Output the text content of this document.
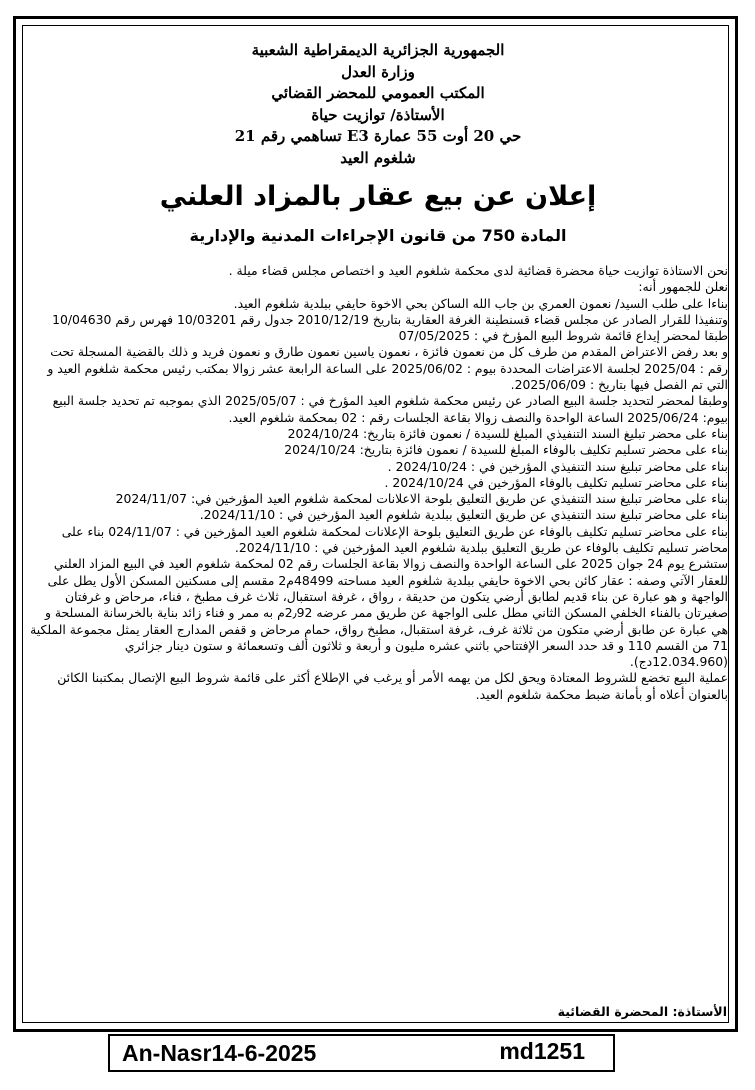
الجمهورية الجزائرية الديمقراطية الشعبية
وزارة العدل
المكتب العمومي للمحضر القضائي
الأستاذة/ توازيت حياة
حي 20 أوت 55 عمارة E3 تساهمي رقم 21
شلغوم العيد
إعلان عن بيع عقار بالمزاد العلني
المادة 750 من قانون الإجراءات المدنية والإدارية

نحن الاستاذة توازيت حياة محضرة قضائية لدى محكمة شلغوم العيد و اختصاص مجلس قضاء ميلة .

نعلن للجمهور أنه:

بناءا على طلب السيد/ نعمون العمري بن جاب الله الساكن بحي الاخوة حايفي ببلدية شلغوم العيد.

وتنفيذا للقرار الصادر عن مجلس قضاء قسنطينة الغرفة العقارية بتاريخ 2010/12/19 جدول رقم 10/03201 فهرس رقم 10/04630

طبقا لمحضر إيداع قائمة شروط البيع المؤرخ في : 07/05/2025

و بعد رفض الاعتراض المقدم من طرف كل من نعمون فائزة ، نعمون ياسين نعمون طارق و نعمون فريد و ذلك بالقضية المسجلة تحت رقم : 2025/04 لجلسة الاعتراضات المحددة بيوم : 2025/06/02 على الساعة الرابعة عشر زوالا بمكتب رئيس محكمة شلغوم العيد و التي تم الفصل فيها بتاريخ : 2025/06/09.

وطبقا لمحضر لتحديد جلسة البيع الصادر عن رئيس محكمة شلغوم العيد المؤرخ في : 2025/05/07 الذي بموجبه تم تحديد جلسة البيع بيوم: 2025/06/24 الساعة الواحدة والنصف زوالا بقاعة الجلسات رقم : 02 بمحكمة شلغوم العيد.

بناء على محضر تبليغ السند التنفيذي المبلغ للسيدة / نعمون فائزة بتاريخ: 2024/10/24

بناء على محضر تسليم تكليف بالوفاء المبلغ للسيدة / نعمون فائزة بتاريخ: 2024/10/24

بناء على محاضر تبليغ سند التنفيذي المؤرخين في : 2024/10/24 .

بناء على محاضر تسليم تكليف بالوفاء المؤرخين في 2024/10/24 .

بناء على محاضر تبليغ سند التنفيذي عن طريق التعليق بلوحة الاعلانات لمحكمة شلغوم العيد المؤرخين في: 2024/11/07

بناء على محاضر تبليغ سند التنفيذي عن طريق التعليق ببلدية شلغوم العيد المؤرخين في : 2024/11/10.

بناء على محاضر تسليم تكليف بالوفاء عن طريق التعليق بلوحة الإعلانات لمحكمة شلغوم العيد المؤرخين في : 024/11/07 بناء على محاضر تسليم تكليف بالوفاء عن طريق التعليق ببلدية شلغوم العيد المؤرخين في : 2024/11/10.

ستشرع يوم 24 جوان 2025 على الساعة الواحدة والنصف زوالا بقاعة الجلسات رقم 02 لمحكمة شلغوم العيد في البيع المزاد العلني للعقار الآتي وصفه : عقار كائن بحي الاخوة حايفي ببلدية شلغوم العيد مساحته 48499م2 مقسم إلى مسكنين المسكن الأول يطل على الواجهة و هو عبارة عن بناء قديم لطابق أرضي يتكون من حديقة ، رواق ، غرفة استقبال، ثلاث غرف مطبخ ، فناء، مرحاض و غرفتان صغيرتان بالفناء الخلفي المسكن الثاني مطل علىى الواجهة عن طريق ممر عرضه 2٫92م به ممر و فناء زائد بناية بالخرسانة المسلحة و هي عبارة عن طابق أرضي متكون من ثلاثة غرف، غرفة استقبال، مطبخ رواق، حمام مرحاض و قفص المدارج العقار يمثل مجموعة الملكية 71 من القسم 110 و قد حدد السعر الإفتتاحي باثني عشره مليون و أربعة و ثلاثون ألف وتسعمائة و ستون دينار جزائري (12.034.960دج).

عملية البيع تخضع للشروط المعتادة ويحق لكل من يهمه الأمر أو يرغب في الإطلاع أكثر على قائمة شروط البيع الإتصال بمكتبنا الكائن بالعنوان أعلاه أو بأمانة ضبط محكمة شلغوم العيد.

الأستاذة: المحضرة القضائية
An-Nasr14-6-2025	md1251
